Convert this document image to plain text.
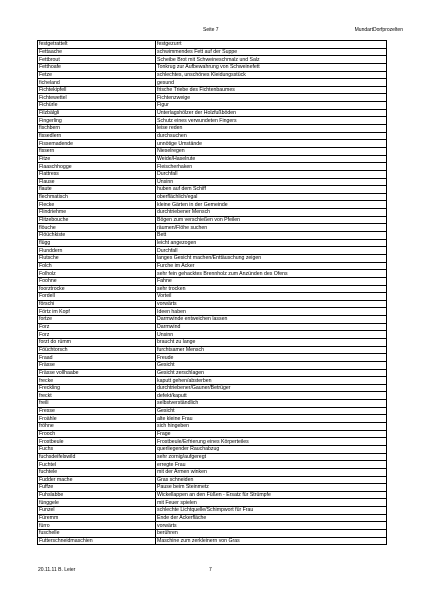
Seite 7	MundartDorfprozelten
festgetrattelt	festgezurrt
Fettaache	schwimmendes Fett auf der Suppe
Fettbrout	Scheibe Brot mit Schweineschmalz und Salz
Fetthoafe	Tonkrug zur Aufbewahrung von Schweinefett
Fetze	schlechtes, unschönes Kleidungsstück
ficheland	gesund
Fichtekipfell	frische Triebe des Fichtenbaumes
Fichtewettel	Fichtenzweige
Fichürle	Figur
Filzbälgli	Unterlagshölzer der Holzfußböden
Fingerling	Schutz eines verwundeten Fingers
fischbern	leise reden
fissedlern	durchsuchen
Fissemadende	unnötige Umstände
fissern	Nieselregen
Fitze	Weide/Haselrute
Flaaschhogge	Fleischerhaken
Flattress	Durchfall
Flause	Unsinn
flaute	huben auf dem Schiff
flechmatisch	oberflächlich/egal
Flecke	kleine Gärten in der Gemeinde
Flindriehme	durchtriebener Mensch
Flitzebouche	Bögen zum verschießen von Pfeilen
flöuche	räumen/Flöhe suchen
Flöüchkiste	Bett
flügg	leicht angezogen
Flunddern	Durchfall
Flutsche	langes Gesicht machen/Enttäuschung zeigen
Folch	Furche im Acker
Folholz	sehr fein gehacktes Brennholz zum Anzünden des Ofens
Foohne	Fahne
foorztrocke	sehr trocken
Fordell	Vorteil
förschi	vorwärts
Förtz im Kopf	Ideen haben
fortze	Darmwinde entweichen lassen
Forz	Darmwind
Forz	Unsinn
forzt do rümm	braucht zu lange
Föüchtorsch	furchtsamer Mensch
Fraad	Freude
Frässe	Gesicht
Frässe vollhaabe	Gesicht zerschlagen
frecke	kaputt gehen/absterben
Freckling	durchtriebener/Gauner/Betrüger
freckt	defekt/kaputt
freili	selbstverständlich
Fresse	Gesicht
Froähle	alte kleine Frau
fröhne	sich hingeben
Frooch	Frage
Frostbeule	Frostbeule/Erfrierung eines Körperteiles
Fuchs	querliegender Rauchabzug
fuchsdeifelswild	sehr zornig/aufgeregt
Fuchtel	erregte Frau
fuchtele	mit der Armen winken
Fudder mache	Gras schneiden
Fuffze	Pause beim Steinmetz
Fuhslabbe	Wickellappen an den Füßen - Ersatz für Strümpfe
fünggele	mit Feuer spielen
Funzel	schlechte Lichtquelle/Schimpwort für Frau
Füremm	Ende der Ackerfläche
fürro	vorwärts
fuschelle	berühren
Futterschneidmaschien	Maschine zum zerkleinern von Gras
20.11.11 B. Leier	7
